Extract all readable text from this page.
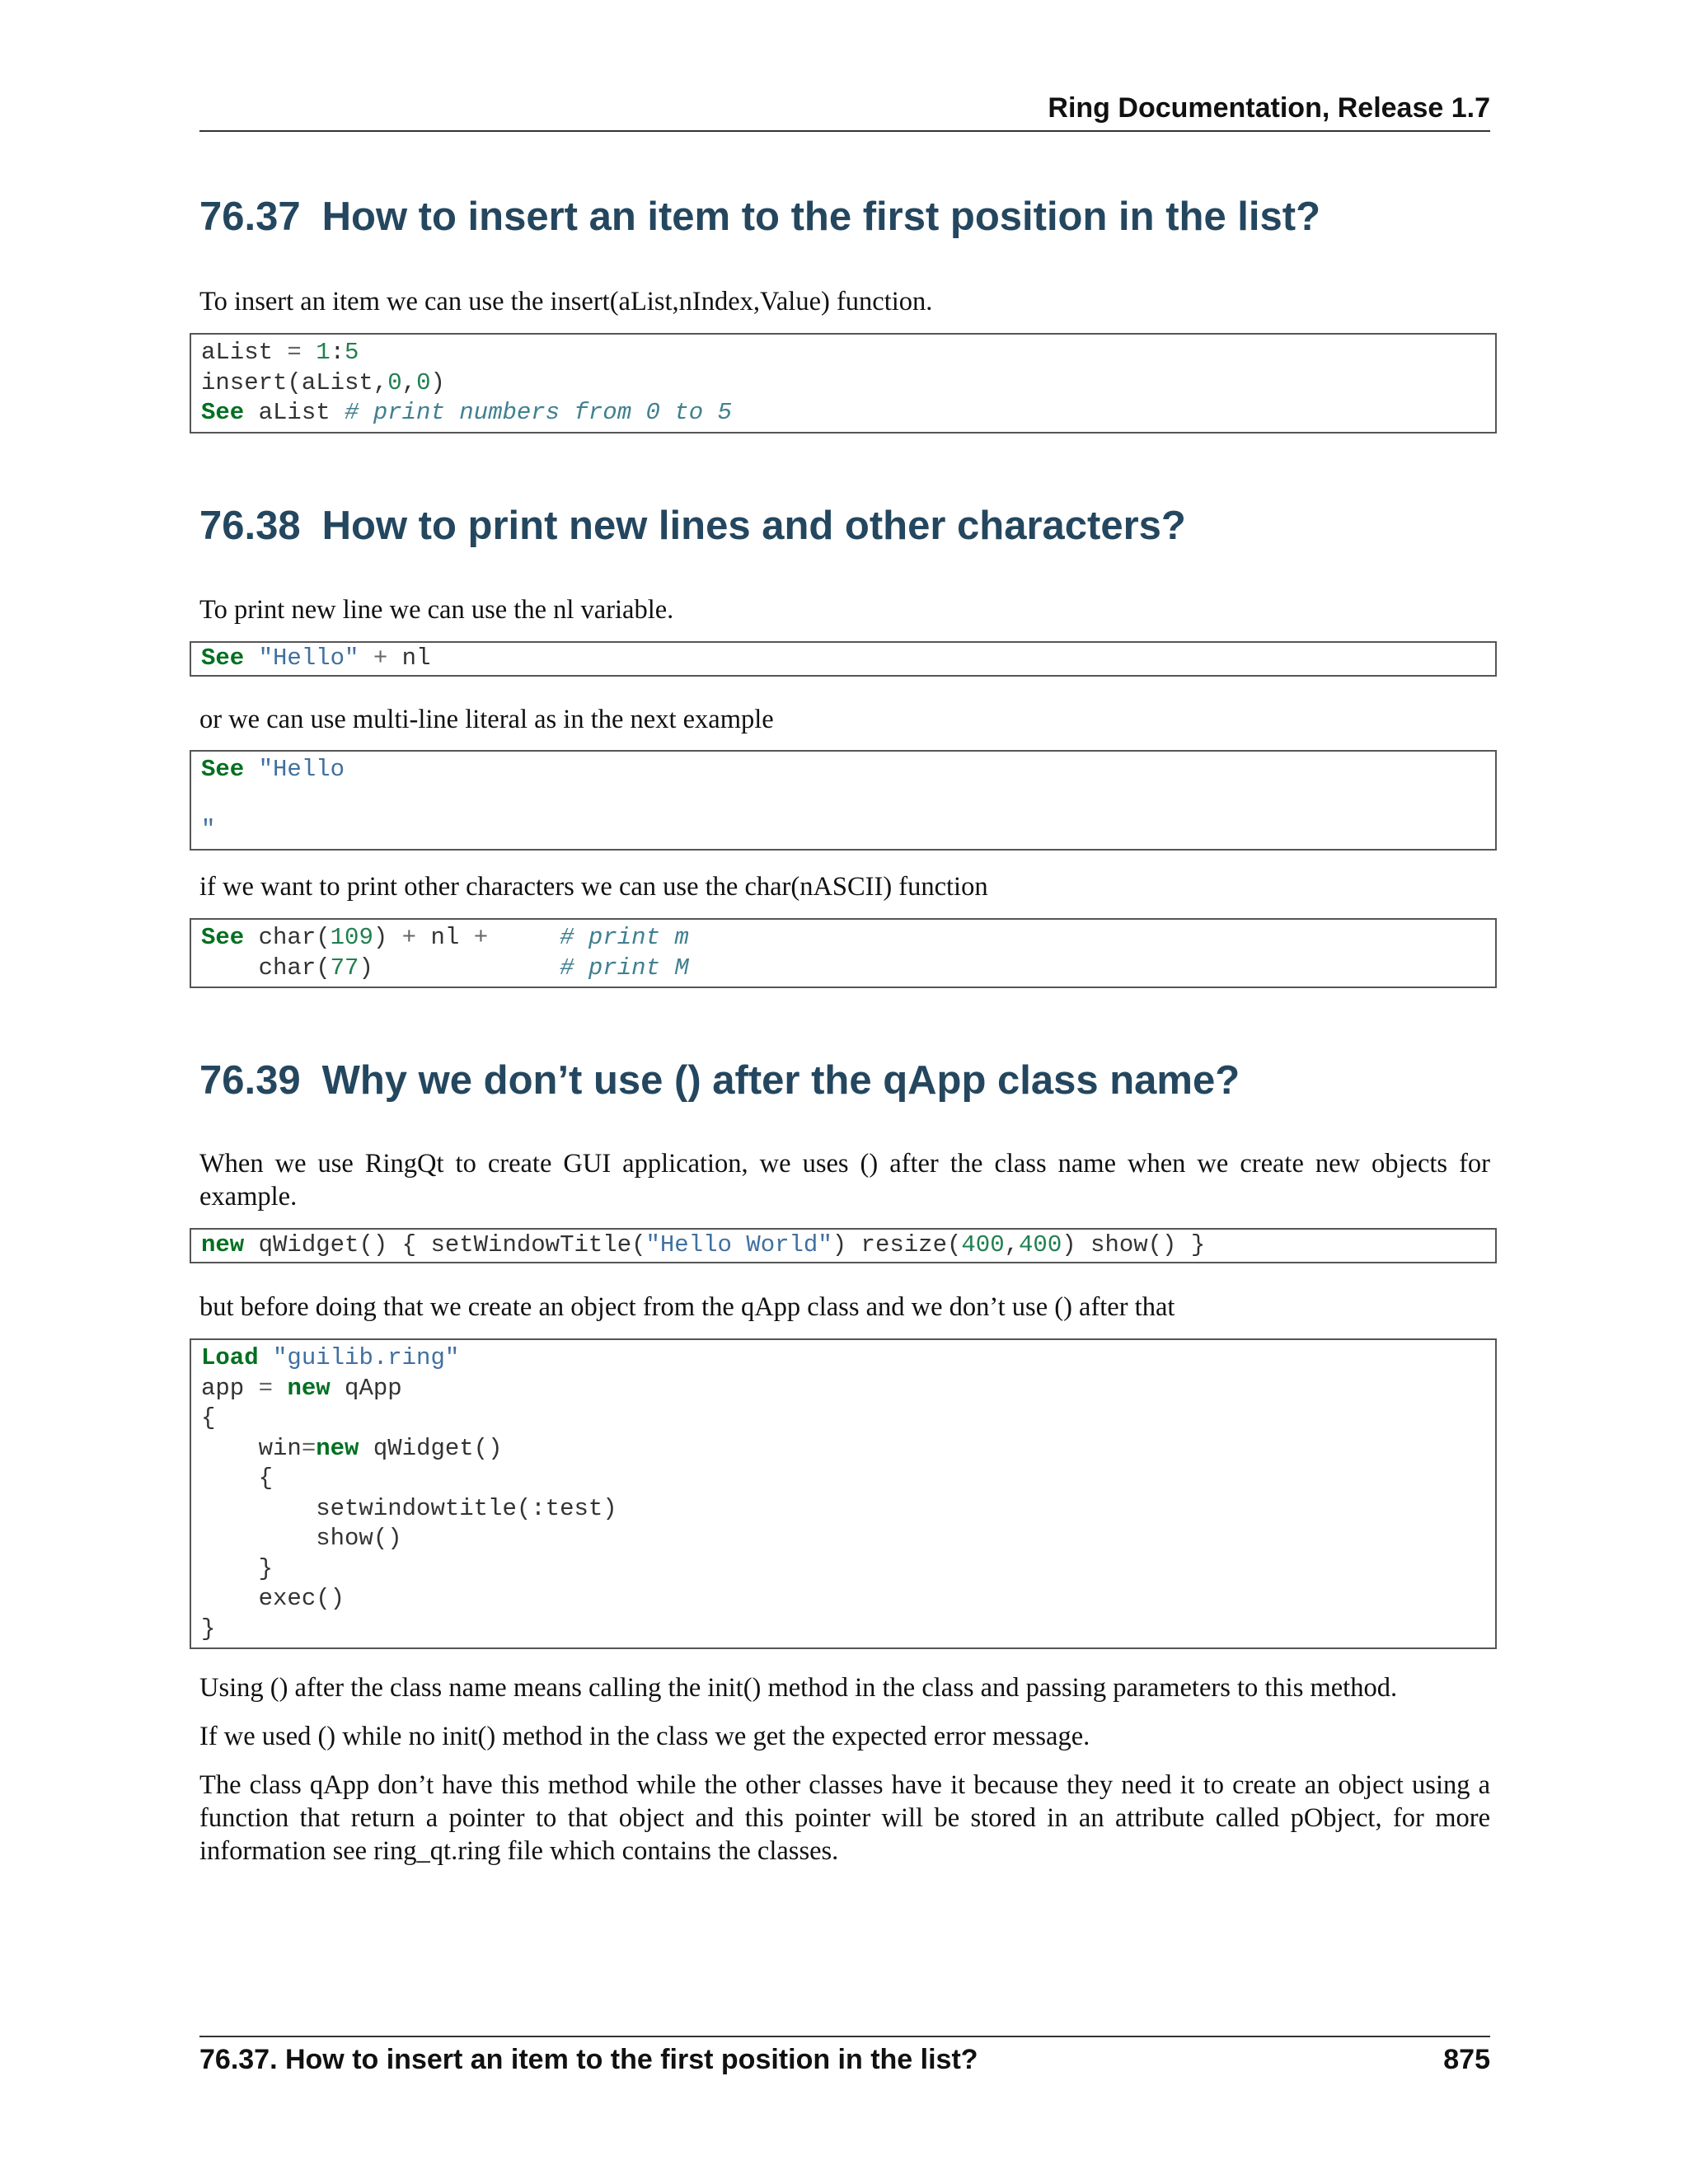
Ring Documentation, Release 1.7
76.37 How to insert an item to the first position in the list?

To insert an item we can use the insert(aList,nIndex,Value) function.

aList = 1:5
insert(aList,0,0)
See aList # print numbers from 0 to 5
76.38 How to print new lines and other characters?

To print new line we can use the nl variable.

See "Hello" + nl

or we can use multi-line literal as in the next example

See "Hello
"

if we want to print other characters we can use the char(nASCII) function

See char(109) + nl +	# print m
char(77)             # print M
76.39 Why we don’t use () after the qApp class name?

When we use RingQt to create GUI application, we uses () after the class name when we create new objects for example.

new qWidget() { setWindowTitle("Hello World") resize(400,400) show() }

but before doing that we create an object from the qApp class and we don’t use () after that

Load "guilib.ring"
app = new qApp
{
win=new qWidget()
{
setwindowtitle(:test)
show()
}
exec()
}

Using () after the class name means calling the init() method in the class and passing parameters to this method.

If we used () while no init() method in the class we get the expected error message.

The class qApp don’t have this method while the other classes have it because they need it to create an object using a function that return a pointer to that object and this pointer will be stored in an attribute called pObject, for more information see ring_qt.ring file which contains the classes.

76.37. How to insert an item to the first position in the list?	875
